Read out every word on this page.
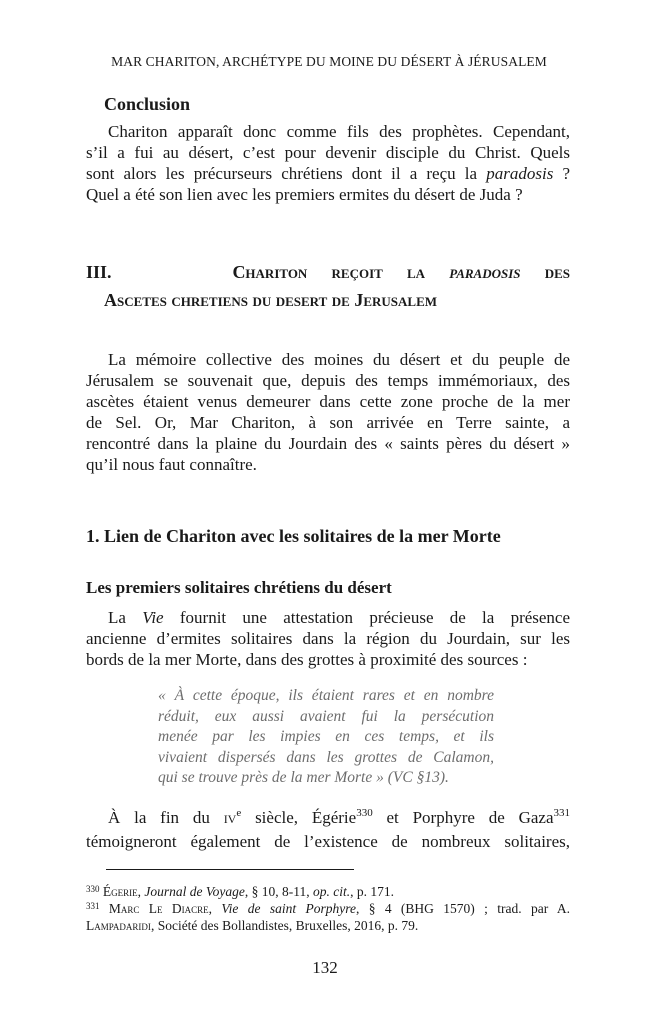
MAR CHARITON, ARCHÉTYPE DU MOINE DU DÉSERT À JÉRUSALEM
Conclusion

Chariton apparaît donc comme fils des prophètes. Cependant,
s’il a fui au désert, c’est pour devenir disciple du Christ. Quels
sont alors les précurseurs chrétiens dont il a reçu la paradosis ?
Quel a été son lien avec les premiers ermites du désert de Juda ?

III.	Chariton reçoit la paradosis des
Ascetes chretiens du desert de Jerusalem

La mémoire collective des moines du désert et du peuple de
Jérusalem se souvenait que, depuis des temps immémoriaux, des
ascètes étaient venus demeurer dans cette zone proche de la mer
de Sel. Or, Mar Chariton, à son arrivée en Terre sainte, a
rencontré dans la plaine du Jourdain des « saints pères du désert »
qu’il nous faut connaître.

1. Lien de Chariton avec les solitaires de la mer Morte
Les premiers solitaires chrétiens du désert

La Vie fournit une attestation précieuse de la présence
ancienne d’ermites solitaires dans la région du Jourdain, sur les
bords de la mer Morte, dans des grottes à proximité des sources :

« À cette époque, ils étaient rares et en nombre
réduit, eux aussi avaient fui la persécution
menée par les impies en ces temps, et ils
vivaient dispersés dans les grottes de Calamon,
qui se trouve près de la mer Morte » (VC §13).

À la fin du iv$^e$ siècle, Égérie$^{330}$ et Porphyre de Gaza$^{331}$
témoigneront également de l’existence de nombreux solitaires,

$^{330}$ Égerie, Journal de Voyage, § 10, 8-11, op. cit., p. 171.

$^{331}$ Marc Le Diacre, Vie de saint Porphyre, § 4 (BHG 1570) ; trad. par A.
Lampadaridi, Société des Bollandistes, Bruxelles, 2016, p. 79.

132
